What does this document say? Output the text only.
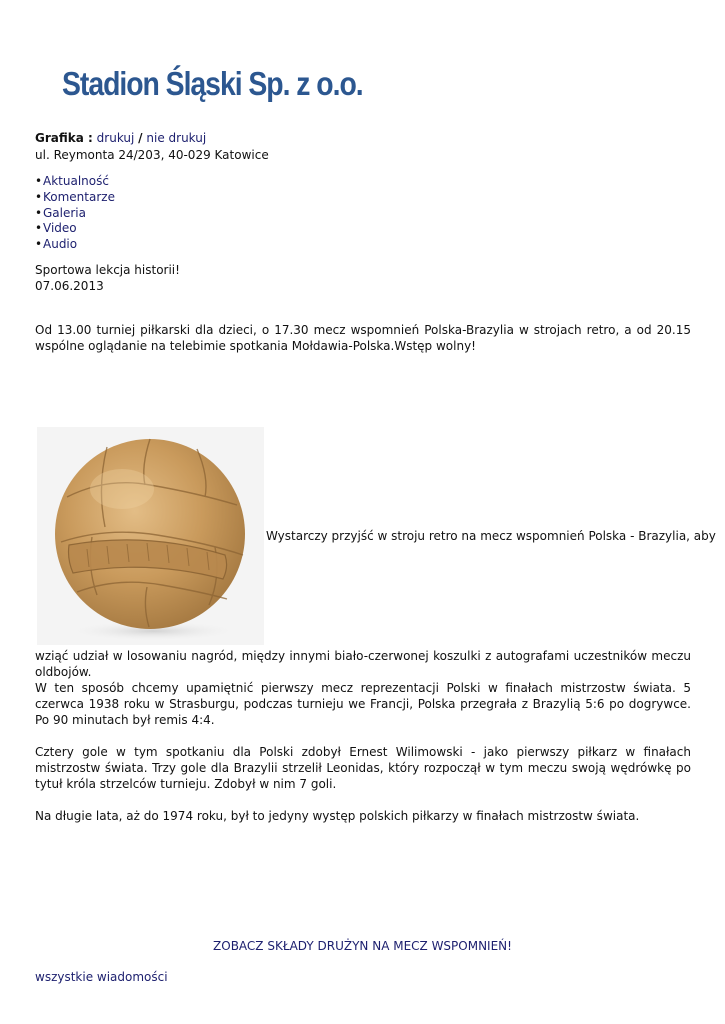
Stadion Śląski Sp. z o.o.
Grafika : drukuj / nie drukuj
ul. Reymonta 24/203, 40-029 Katowice
•Aktualność
•Komentarze
•Galeria
•Video
•Audio
Sportowa lekcja historii!
07.06.2013
Od 13.00 turniej piłkarski dla dzieci, o 17.30 mecz wspomnień Polska-Brazylia w strojach retro, a od 20.15 wspólne oglądanie na telebimie spotkania Mołdawia-Polska.Wstęp wolny!
Wystarczy przyjść w stroju retro na mecz wspomnień Polska - Brazylia, aby
wziąć udział w losowaniu nagród, między innymi biało-czerwonej koszulki z autografami uczestników meczu oldbojów.
W ten sposób chcemy upamiętnić pierwszy mecz reprezentacji Polski w finałach mistrzostw świata. 5 czerwca 1938 roku w Strasburgu, podczas turnieju we Francji, Polska przegrała z Brazylią 5:6 po dogrywce. Po 90 minutach był remis 4:4.
Cztery gole w tym spotkaniu dla Polski zdobył Ernest Wilimowski - jako pierwszy piłkarz w finałach mistrzostw świata. Trzy gole dla Brazylii strzelił Leonidas, który rozpoczął w tym meczu swoją wędrówkę po tytuł króla strzelców turnieju. Zdobył w nim 7 goli.
Na długie lata, aż do 1974 roku, był to jedyny występ polskich piłkarzy w finałach mistrzostw świata.
ZOBACZ SKŁADY DRUŻYN NA MECZ WSPOMNIEŃ!
wszystkie wiadomości
